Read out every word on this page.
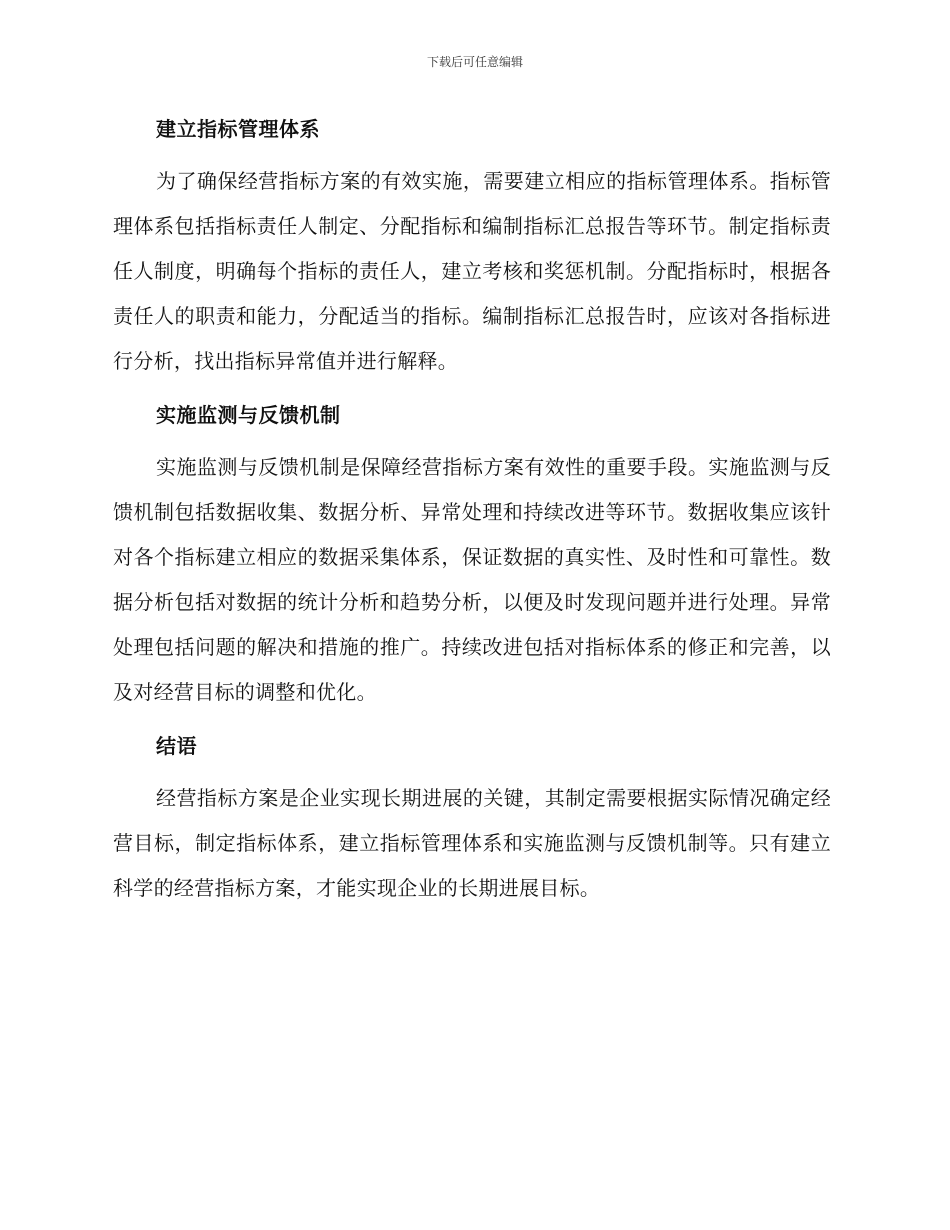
下载后可任意编辑
建立指标管理体系

为了确保经营指标方案的有效实施，需要建立相应的指标管理体系。指标管理体系包括指标责任人制定、分配指标和编制指标汇总报告等环节。制定指标责任人制度，明确每个指标的责任人，建立考核和奖惩机制。分配指标时，根据各责任人的职责和能力，分配适当的指标。编制指标汇总报告时，应该对各指标进行分析，找出指标异常值并进行解释。

实施监测与反馈机制

实施监测与反馈机制是保障经营指标方案有效性的重要手段。实施监测与反馈机制包括数据收集、数据分析、异常处理和持续改进等环节。数据收集应该针对各个指标建立相应的数据采集体系，保证数据的真实性、及时性和可靠性。数据分析包括对数据的统计分析和趋势分析，以便及时发现问题并进行处理。异常处理包括问题的解决和措施的推广。持续改进包括对指标体系的修正和完善，以及对经营目标的调整和优化。

结语

经营指标方案是企业实现长期进展的关键，其制定需要根据实际情况确定经营目标，制定指标体系，建立指标管理体系和实施监测与反馈机制等。只有建立科学的经营指标方案，才能实现企业的长期进展目标。
